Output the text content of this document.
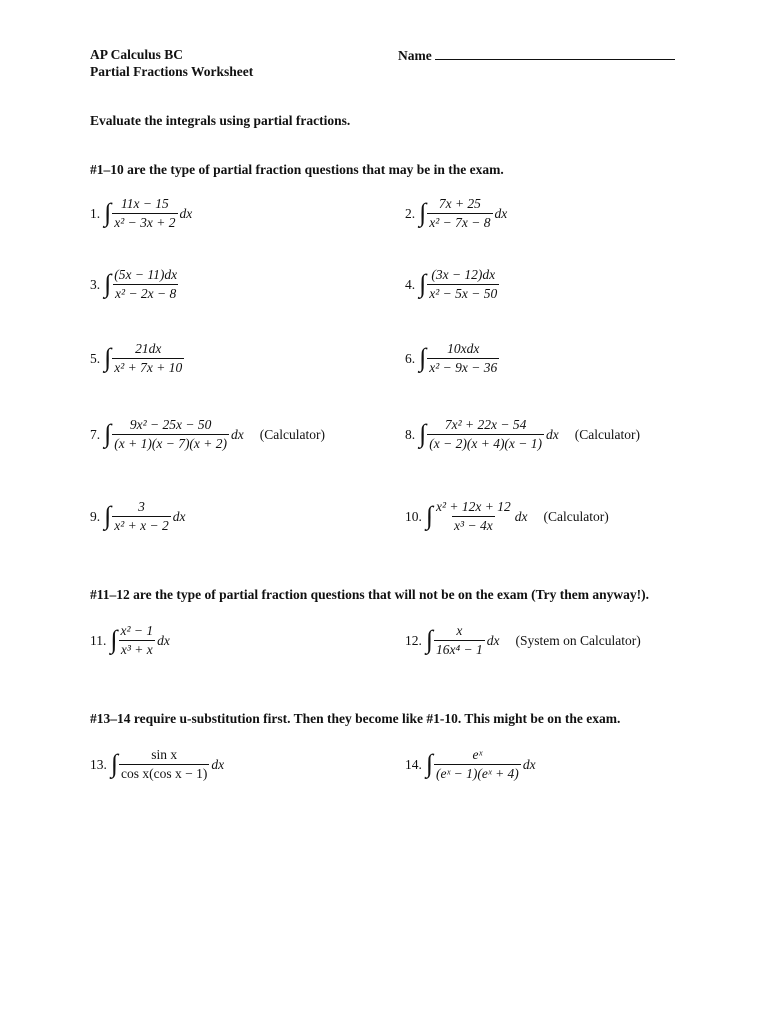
AP Calculus BC
Partial Fractions Worksheet
Name
Evaluate the integrals using partial fractions.
#1–10 are the type of partial fraction questions that may be in the exam.
1. ∫ $\frac{11x - 15}{\text{x² − 3x + 2}}$ dx	2. ∫ $\frac{7x + 25}{\text{x² − 7x − 8}}$ dx
3. ∫ $\frac{(5x - 11)dx}{\text{x² − 2x − 8}}$	4. ∫ $\frac{(3x - 12)dx}{\text{x² − 5x − 50}}$
5. ∫ $\frac{21dx}{\text{x² + 7x + 10}}$	6. ∫ $\frac{\text{10xdx}}{\text{x² − 9x − 36}}$
7. ∫ $\frac{\text{9x² − 25x − 50}}{(x + 1)(x - 7)(x + 2)}$ dx (Calculator)	8. ∫ $\frac{\text{7x² + 22x − 54}}{(x - 2)(x + 4)(x - 1)}$ dx (Calculator)
9. ∫ $\frac{3}{\text{x² + x − 2}}$ dx	10. ∫ $\frac{\text{x² + 12x + 12}}{\text{x³ − 4x}}$ dx (Calculator)
#11–12 are the type of partial fraction questions that will not be on the exam (Try them anyway!).
11. ∫ $\frac{\text{x² − 1}}{\text{x³ + x}}$ dx	12. ∫ $\frac{x}{\text{16x⁴ − 1}}$ dx (System on Calculator)
#13–14 require u-substitution first. Then they become like #1-10. This might be on the exam.
13. ∫ $\frac{\text{sin x}}{\text{cos x(cos x − 1)}}$ dx	14. ∫ $\frac{\text{eˣ}}{\text{(eˣ − 1)(eˣ + 4)}}$ dx
